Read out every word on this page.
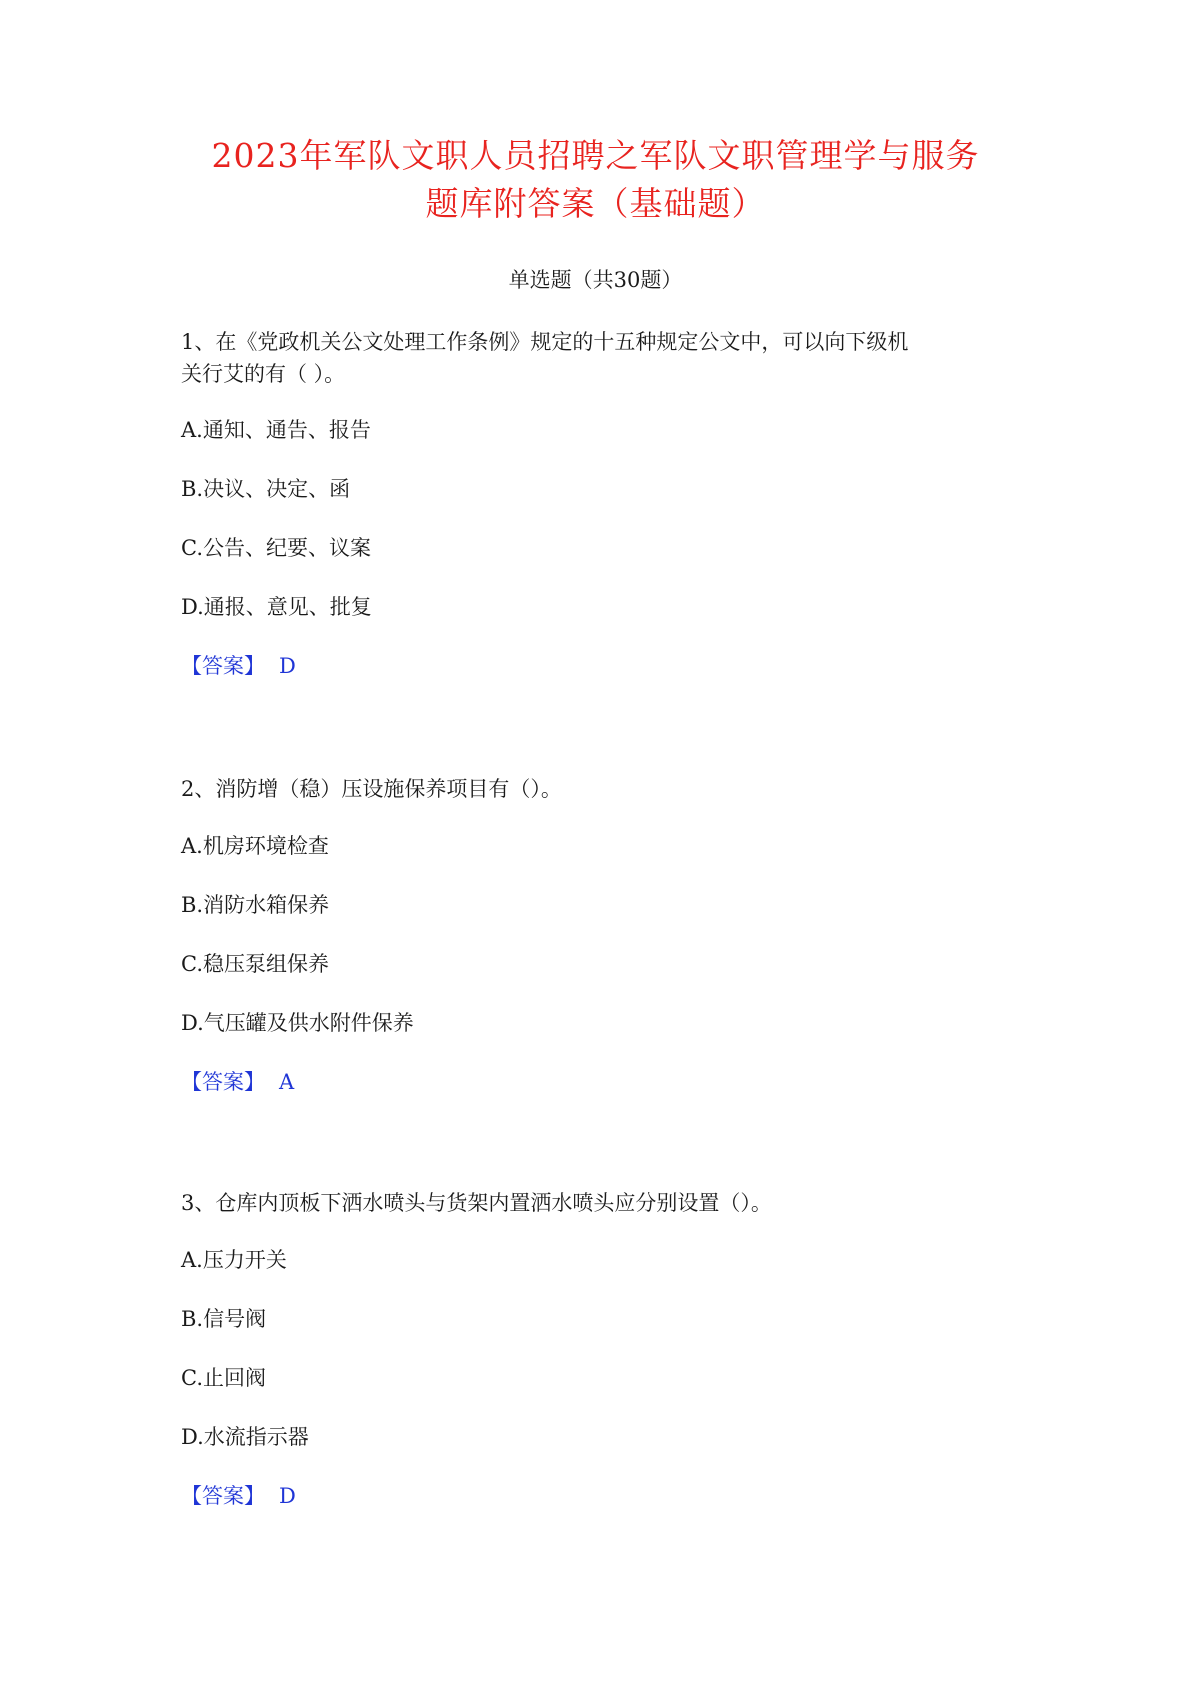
2023年军队文职人员招聘之军队文职管理学与服务
题库附答案（基础题）
单选题（共30题）
1、在《党政机关公文处理工作条例》规定的十五种规定公文中，可以向下级机
关行艾的有（ ）。
A.通知、通告、报告
B.决议、决定、函
C.公告、纪要、议案
D.通报、意见、批复
【答案】 D
2、消防增（稳）压设施保养项目有（）。
A.机房环境检查
B.消防水箱保养
C.稳压泵组保养
D.气压罐及供水附件保养
【答案】 A
3、仓库内顶板下洒水喷头与货架内置洒水喷头应分别设置（）。
A.压力开关
B.信号阀
C.止回阀
D.水流指示器
【答案】 D
